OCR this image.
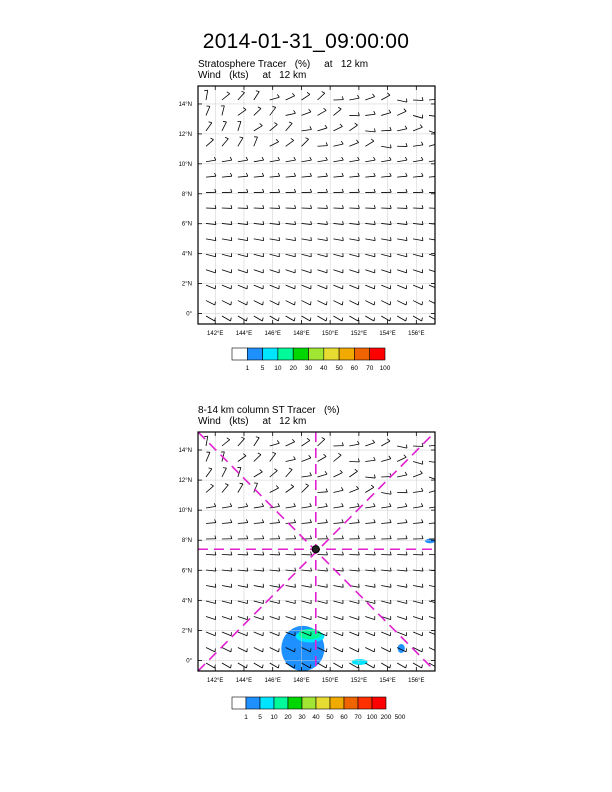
2014-01-31_09:00:00
Stratosphere Tracer   (%)     at   12 km
Wind   (kts)     at   12 km
8-14 km column ST Tracer   (%)
Wind   (kts)     at   12 km
142°E 144°E 146°E 148°E 150°E 152°E 154°E 156°E
0°
2°N
4°N
6°N
8°N
10°N
12°N
14°N
1 5 10 20 30 40 50 60 70 100
142°E 144°E 146°E 148°E 150°E 152°E 154°E 156°E
0°
2°N
4°N
6°N
8°N
10°N
12°N
14°N
1 5 10 20 30 40 50 60 70 100 200 500
